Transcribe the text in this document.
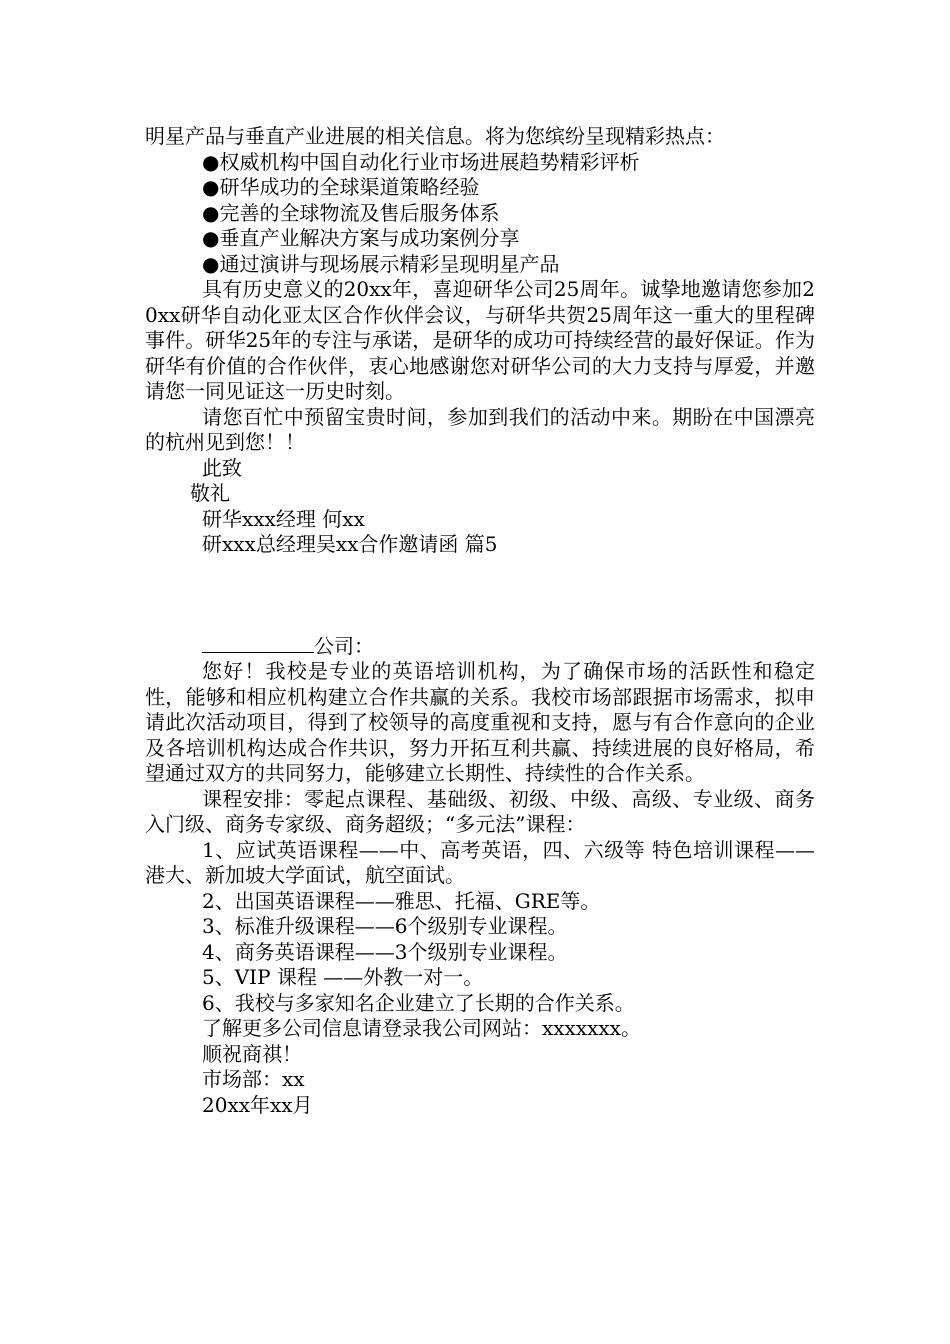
明星产品与垂直产业进展的相关信息。将为您缤纷呈现精彩热点：
●权威机构中国自动化行业市场进展趋势精彩评析
●研华成功的全球渠道策略经验
●完善的全球物流及售后服务体系
●垂直产业解决方案与成功案例分享
●通过演讲与现场展示精彩呈现明星产品
具有历史意义的20xx年，喜迎研华公司25周年。诚挚地邀请您参加20xx研华自动化亚太区合作伙伴会议，与研华共贺25周年这一重大的里程碑事件。研华25年的专注与承诺，是研华的成功可持续经营的最好保证。作为研华有价值的合作伙伴，衷心地感谢您对研华公司的大力支持与厚爱，并邀请您一同见证这一历史时刻。
请您百忙中预留宝贵时间，参加到我们的活动中来。期盼在中国漂亮的杭州见到您！！
此致
敬礼
研华xxx经理 何xx
研xxx总经理吴xx合作邀请函 篇5
公司：
您好！我校是专业的英语培训机构，为了确保市场的活跃性和稳定性，能够和相应机构建立合作共赢的关系。我校市场部跟据市场需求，拟申请此次活动项目，得到了校领导的高度重视和支持，愿与有合作意向的企业及各培训机构达成合作共识，努力开拓互利共赢、持续进展的良好格局，希望通过双方的共同努力，能够建立长期性、持续性的合作关系。
课程安排：零起点课程、基础级、初级、中级、高级、专业级、商务入门级、商务专家级、商务超级；“多元法”课程：
1、应试英语课程——中、高考英语，四、六级等 特色培训课程——港大、新加坡大学面试，航空面试。
2、出国英语课程——雅思、托福、GRE等。
3、标准升级课程——6个级别专业课程。
4、商务英语课程——3个级别专业课程。
5、VIP 课程 ——外教一对一。
6、我校与多家知名企业建立了长期的合作关系。
了解更多公司信息请登录我公司网站：xxxxxxx。
顺祝商祺！
市场部：xx
20xx年xx月
